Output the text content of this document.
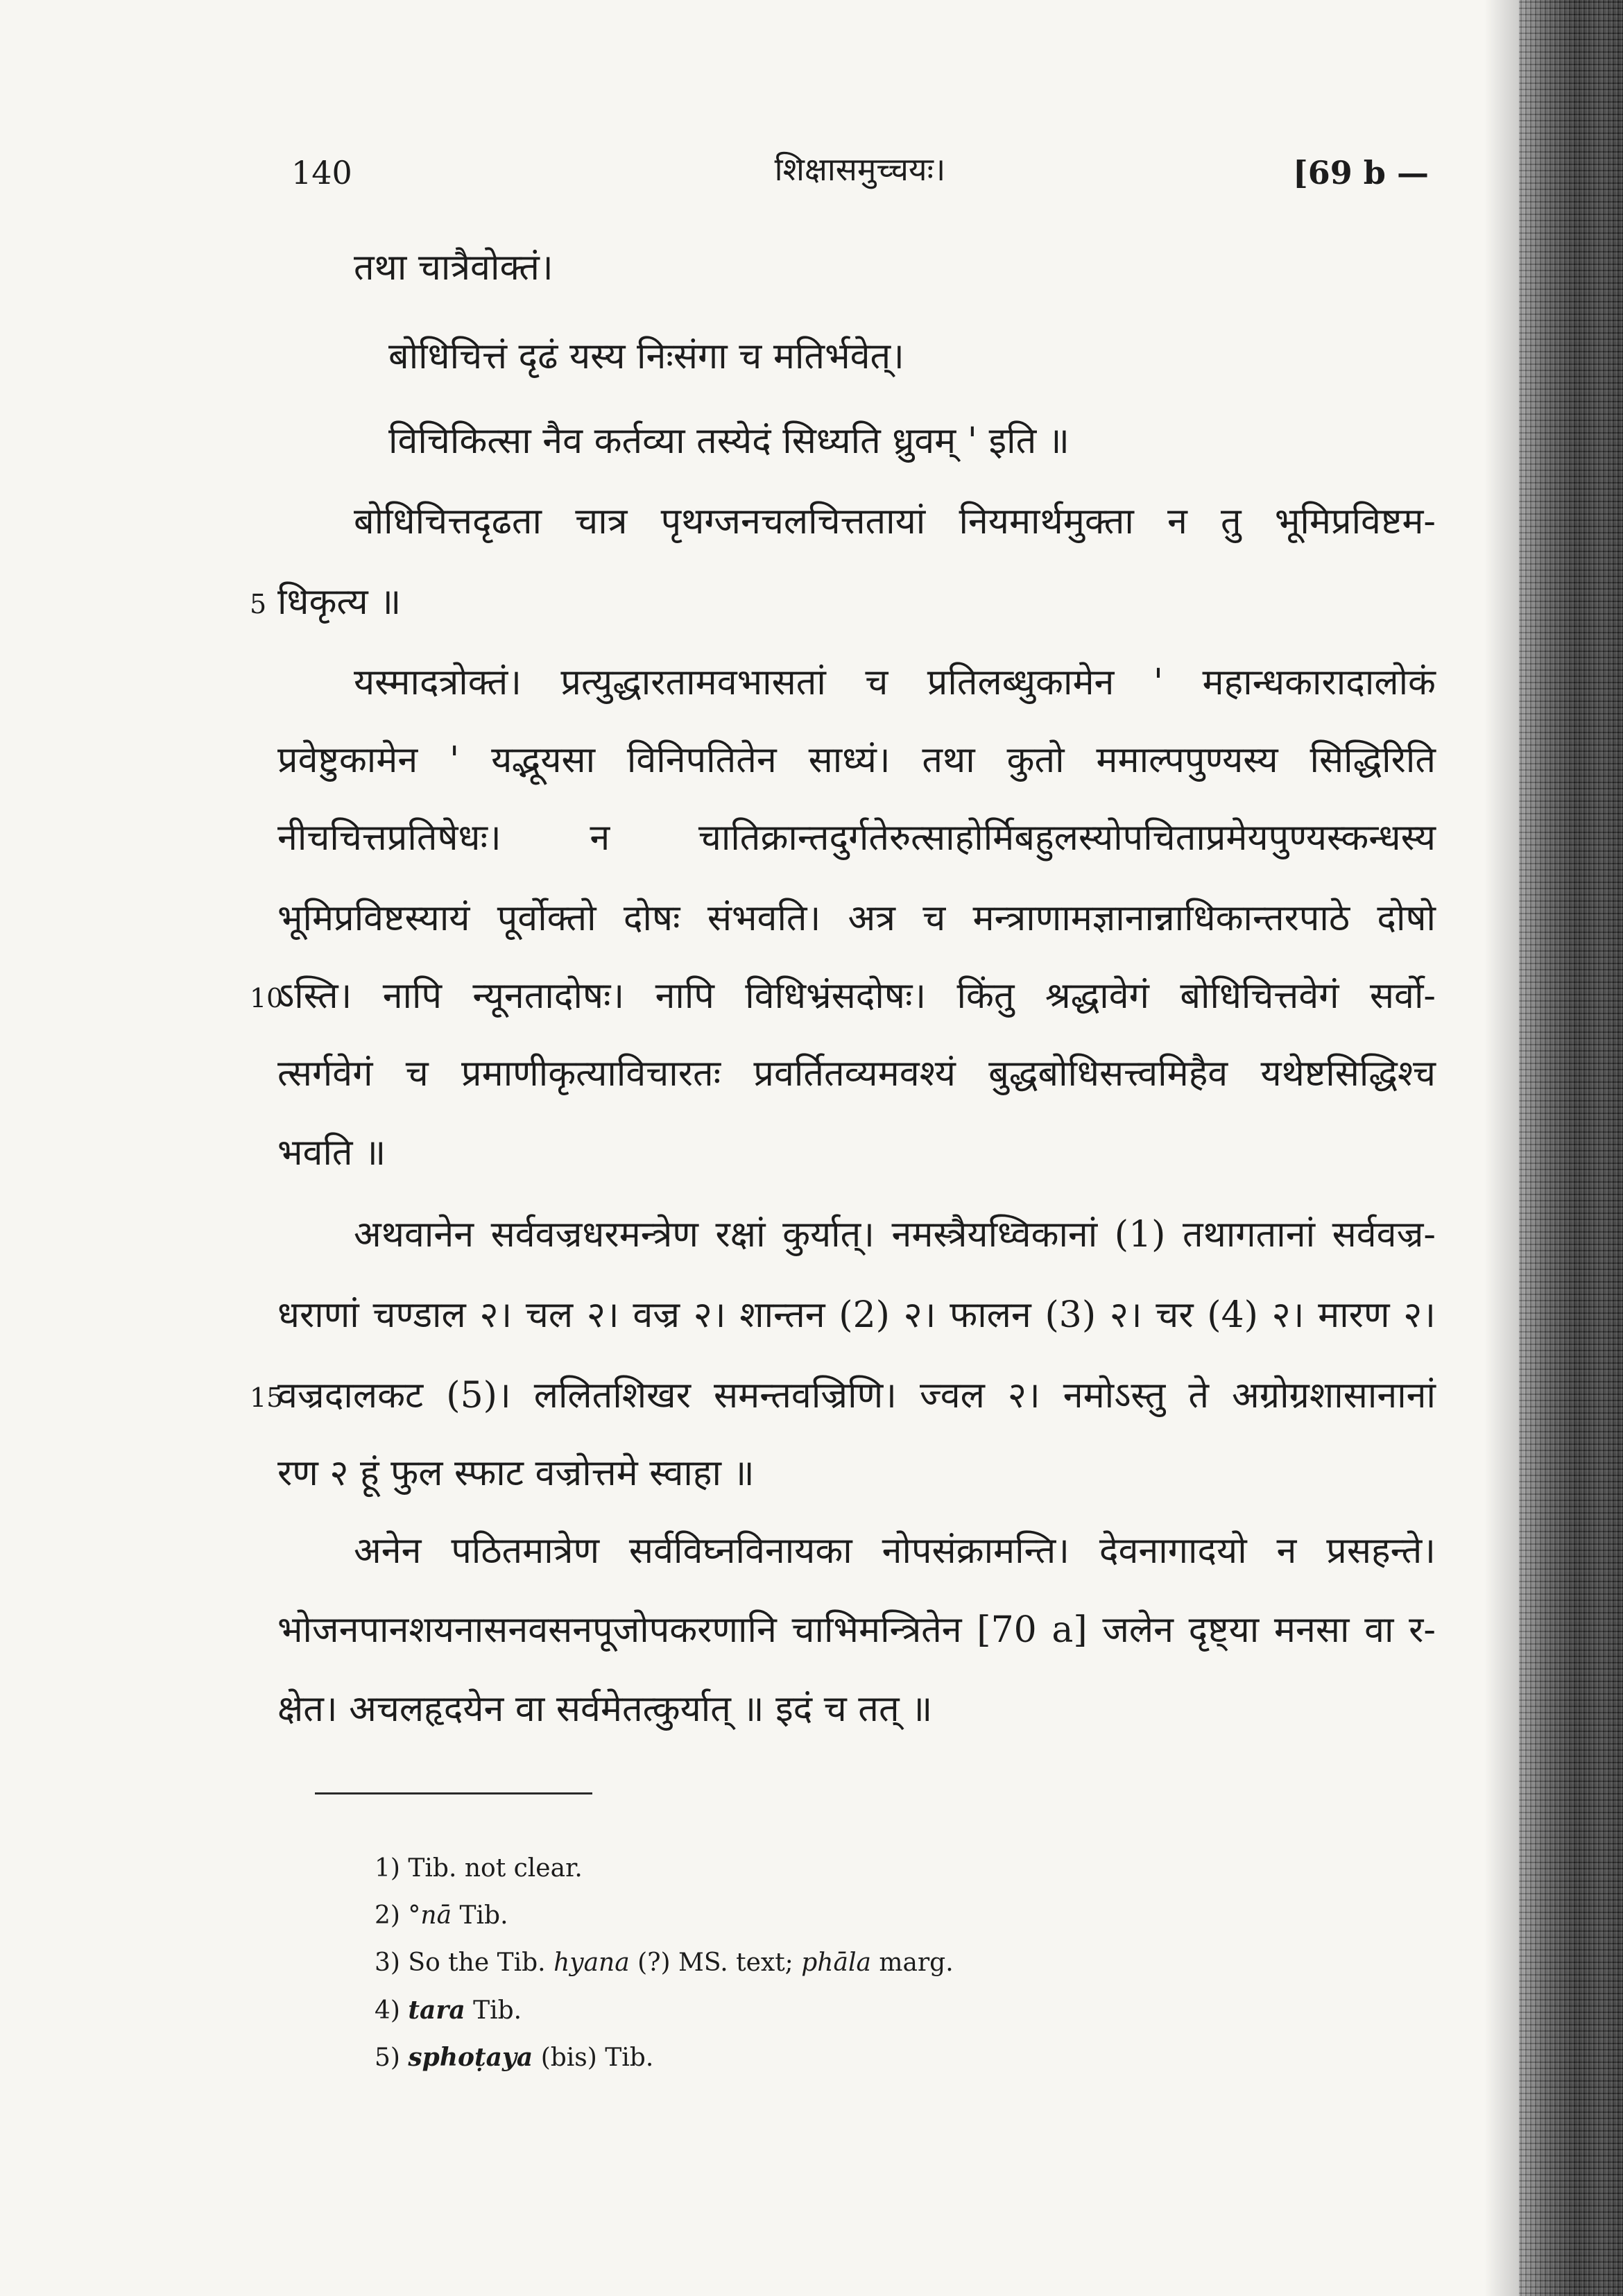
140	शिक्षासमुच्चयः।	[69 b —
तथा चात्रैवोक्तं।
बोधिचित्तं दृढं यस्य निःसंगा च मतिर्भवेत्।
विचिकित्सा नैव कर्तव्या तस्येदं सिध्यति ध्रुवम् ' इति ॥
बोधिचित्तदृढता चात्र पृथग्जनचलचित्ततायां नियमार्थमुक्ता न तु भूमिप्रविष्टम-
धिकृत्य ॥
यस्मादत्रोक्तं। प्रत्युद्धारतामवभासतां च प्रतिलब्धुकामेन ' महान्धकारादालोकं
प्रवेष्टुकामेन ' यद्भूयसा विनिपतितेन साध्यं। तथा कुतो ममाल्पपुण्यस्य सिद्धिरिति
नीचचित्तप्रतिषेधः। न चातिक्रान्तदुर्गतेरुत्साहोर्मिबहुलस्योपचिताप्रमेयपुण्यस्कन्धस्य
भूमिप्रविष्टस्यायं पूर्वोक्तो दोषः संभवति। अत्र च मन्त्राणामज्ञानान्नाधिकान्तरपाठे दोषो
ऽस्ति। नापि न्यूनतादोषः। नापि विधिभ्रंसदोषः। किंतु श्रद्धावेगं बोधिचित्तवेगं सर्वो-
त्सर्गवेगं च प्रमाणीकृत्याविचारतः प्रवर्तितव्यमवश्यं बुद्धबोधिसत्त्वमिहैव यथेष्टसिद्धिश्च
भवति ॥
अथवानेन सर्ववज्रधरमन्त्रेण रक्षां कुर्यात्। नमस्त्रैयध्विकानां (1) तथागतानां सर्ववज्र-
धराणां चण्डाल २। चल २। वज्र २। शान्तन (2) २। फालन (3) २। चर (4) २। मारण २।
वज्रदालकट (5)। ललितशिखर समन्तवज्रिणि। ज्वल २। नमोऽस्तु ते अग्रोग्रशासानानां
रण २ हूं फुल स्फाट वज्रोत्तमे स्वाहा ॥
अनेन पठितमात्रेण सर्वविघ्नविनायका नोपसंक्रामन्ति। देवनागादयो न प्रसहन्ते।
भोजनपानशयनासनवसनपूजोपकरणानि चाभिमन्त्रितेन [70 a] जलेन दृष्ट्या मनसा वा र-
क्षेत। अचलहृदयेन वा सर्वमेतत्कुर्यात् ॥ इदं च तत् ॥
5
10
15
1) Tib. not clear.
2) °nā Tib.
3) So the Tib. hyana (?) MS. text; phāla marg.
4) tara Tib.
5) sphoṭaya (bis) Tib.
